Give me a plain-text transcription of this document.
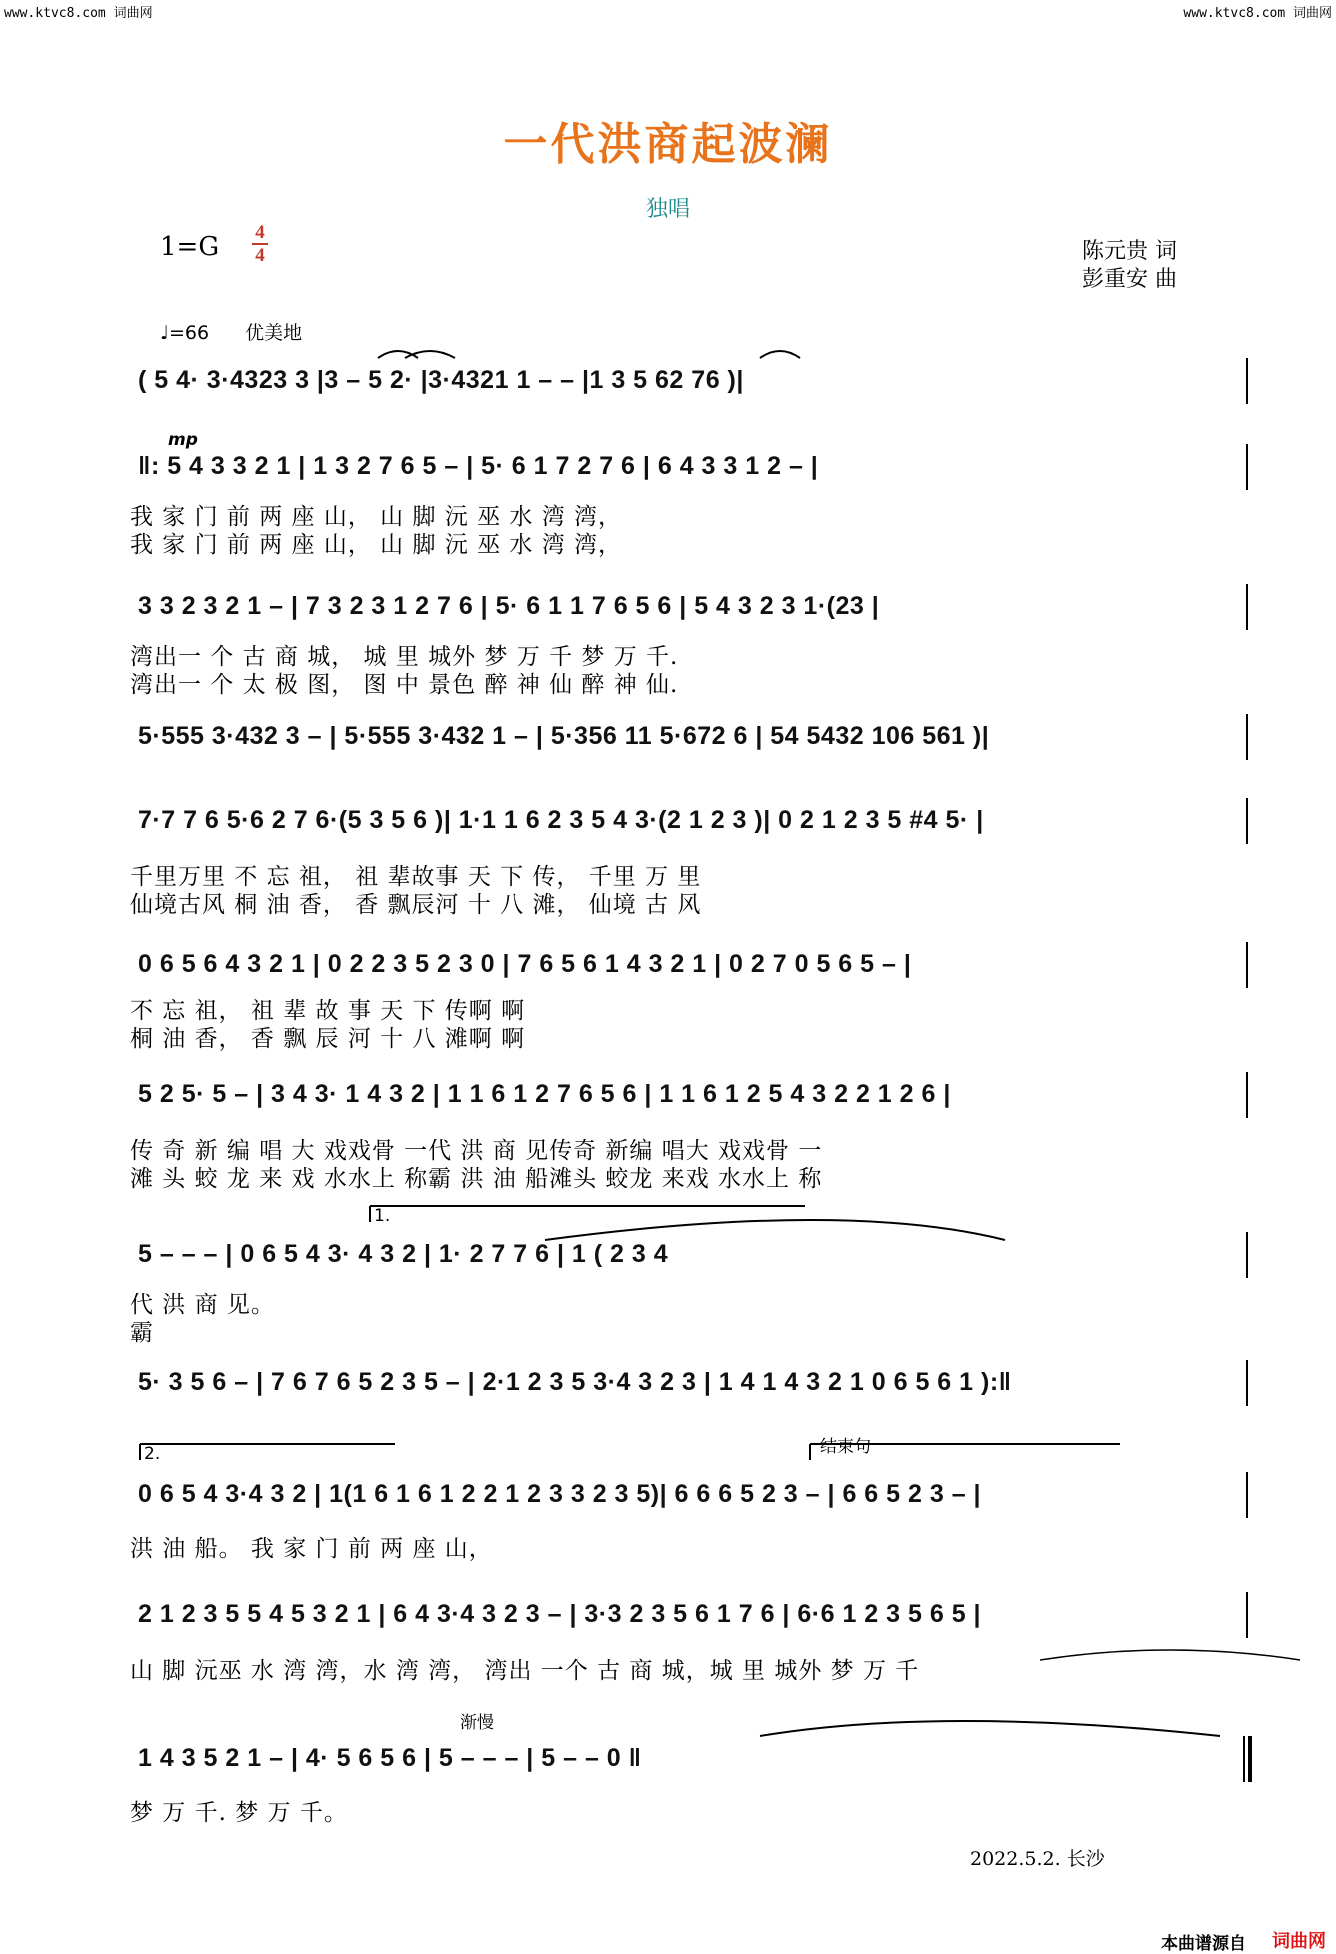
www.ktvc8.com 词曲网	www.ktvc8.com 词曲网
一代洪商起波澜
独唱
1=G 4
4	陈元贵 词
彭重安 曲
♩=66 优美地
mp
1.
2.	结束句
渐慢
( 5 4· 3·4323 3 |3 – 5 2· |3·4321 1 – – |1 3 5 62 76 )|
‖: 5 4 3 3 2 1 | 1 3 2 7 6 5 – | 5· 6 1 7 2 7 6 | 6 4 3 3 1 2 – |
我 家 门 前 两 座 山， 山 脚 沅 巫 水 湾 湾，
我 家 门 前 两 座 山， 山 脚 沅 巫 水 湾 湾，
3 3 2 3 2 1 – | 7 3 2 3 1 2 7 6 | 5· 6 1 1 7 6 5 6 | 5 4 3 2 3 1·(23 |
湾出一 个 古 商 城， 城 里 城外 梦 万 千 梦 万 千.
湾出一 个 太 极 图， 图 中 景色 醉 神 仙 醉 神 仙.
5·555 3·432 3 – | 5·555 3·432 1 – | 5·356 11 5·672 6 | 54 5432 106 561 )|
7·7 7 6 5·6 2 7 6·(5 3 5 6 )| 1·1 1 6 2 3 5 4 3·(2 1 2 3 )| 0 2 1 2 3 5 #4 5· |
千里万里 不 忘 祖， 祖 辈故事 天 下 传， 千里 万 里
仙境古风 桐 油 香， 香 飘辰河 十 八 滩， 仙境 古 风
0 6 5 6 4 3 2 1 | 0 2 2 3 5 2 3 0 | 7 6 5 6 1 4 3 2 1 | 0 2 7 0 5 6 5 – |
不 忘 祖， 祖 辈 故 事 天 下 传啊 啊
桐 油 香， 香 飘 辰 河 十 八 滩啊 啊
5 2 5· 5 – | 3 4 3· 1 4 3 2 | 1 1 6 1 2 7 6 5 6 | 1 1 6 1 2 5 4 3 2 2 1 2 6 |
传 奇 新 编 唱 大 戏戏骨 一代 洪 商 见传奇 新编 唱大 戏戏骨 一
滩 头 蛟 龙 来 戏 水水上 称霸 洪 油 船滩头 蛟龙 来戏 水水上 称
5 – – – | 0 6 5 4 3· 4 3 2 | 1· 2 7 7 6 | 1 ( 2 3 4
代 洪 商 见。
霸
5· 3 5 6 – | 7 6 7 6 5 2 3 5 – | 2·1 2 3 5 3·4 3 2 3 | 1 4 1 4 3 2 1 0 6 5 6 1 ):‖
0 6 5 4 3·4 3 2 | 1(1 6 1 6 1 2 2 1 2 3 3 2 3 5)| 6 6 6 5 2 3 – | 6 6 5 2 3 – |
洪 油 船。 我 家 门 前 两 座 山，
2 1 2 3 5 5 4 5 3 2 1 | 6 4 3·4 3 2 3 – | 3·3 2 3 5 6 1 7 6 | 6·6 1 2 3 5 6 5 |
山 脚 沅巫 水 湾 湾，水 湾 湾， 湾出 一个 古 商 城，城 里 城外 梦 万 千
1 4 3 5 2 1 – | 4· 5 6 5 6 | 5 – – – | 5 – – 0 ‖
梦 万 千. 梦 万 千。
2022.5.2. 长沙
本曲谱源自 词曲网
